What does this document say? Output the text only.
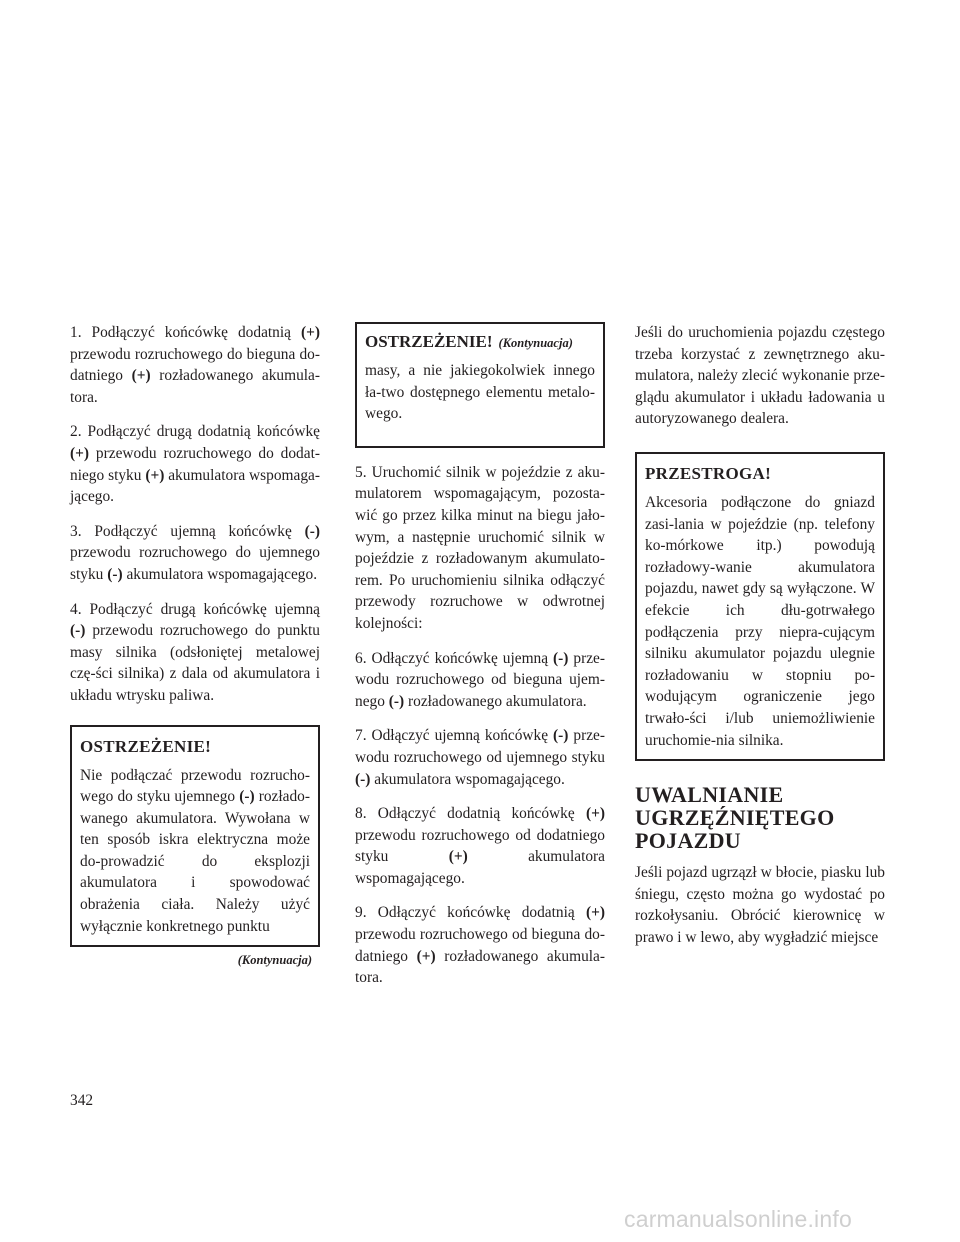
1. Podłączyć końcówkę dodatnią (+) przewodu rozruchowego do bieguna do-datniego (+) rozładowanego akumula-tora.

2. Podłączyć drugą dodatnią końcówkę (+) przewodu rozruchowego do dodat-niego styku (+) akumulatora wspomaga-jącego.

3. Podłączyć ujemną końcówkę (-) przewodu rozruchowego do ujemnego styku (-) akumulatora wspomagającego.

4. Podłączyć drugą końcówkę ujemną (-) przewodu rozruchowego do punktu masy silnika (odsłoniętej metalowej czę-ści silnika) z dala od akumulatora i układu wtrysku paliwa.

OSTRZEŻENIE!

Nie podłączać przewodu rozrucho-wego do styku ujemnego (-) rozłado-wanego akumulatora. Wywołana w ten sposób iskra elektryczna może do-prowadzić do eksplozji akumulatora i spowodować obrażenia ciała. Należy użyć wyłącznie konkretnego punktu

(Kontynuacja)
OSTRZEŻENIE! (Kontynuacja)

masy, a nie jakiegokolwiek innego ła-two dostępnego elementu metalo-wego.

5. Uruchomić silnik w pojeździe z aku-mulatorem wspomagającym, pozosta-wić go przez kilka minut na biegu jało-wym, a następnie uruchomić silnik w pojeździe z rozładowanym akumulato-rem. Po uruchomieniu silnika odłączyć przewody rozruchowe w odwrotnej kolejności:

6. Odłączyć końcówkę ujemną (-) prze-wodu rozruchowego od bieguna ujem-nego (-) rozładowanego akumulatora.

7. Odłączyć ujemną końcówkę (-) prze-wodu rozruchowego od ujemnego styku (-) akumulatora wspomagającego.

8. Odłączyć dodatnią końcówkę (+) przewodu rozruchowego od dodatniego styku (+) akumulatora wspomagającego.

9. Odłączyć końcówkę dodatnią (+) przewodu rozruchowego od bieguna do-datniego (+) rozładowanego akumula-tora.

Jeśli do uruchomienia pojazdu częstego trzeba korzystać z zewnętrznego aku-mulatora, należy zlecić wykonanie prze-glądu akumulator i układu ładowania u autoryzowanego dealera.

PRZESTROGA!

Akcesoria podłączone do gniazd zasi-lania w pojeździe (np. telefony ko-mórkowe itp.) powodują rozładowy-wanie akumulatora pojazdu, nawet gdy są wyłączone. W efekcie ich dłu-gotrwałego podłączenia przy niepra-cującym silniku akumulator pojazdu ulegnie rozładowaniu w stopniu po-wodującym ograniczenie jego trwało-ści i/lub uniemożliwienie uruchomie-nia silnika.

UWALNIANIE
UGRZĘŹNIĘTEGO
POJAZDU

Jeśli pojazd ugrzązł w błocie, piasku lub śniegu, często można go wydostać po rozkołysaniu. Obrócić kierownicę w prawo i w lewo, aby wygładzić miejsce

342
carmanualsonline.info
